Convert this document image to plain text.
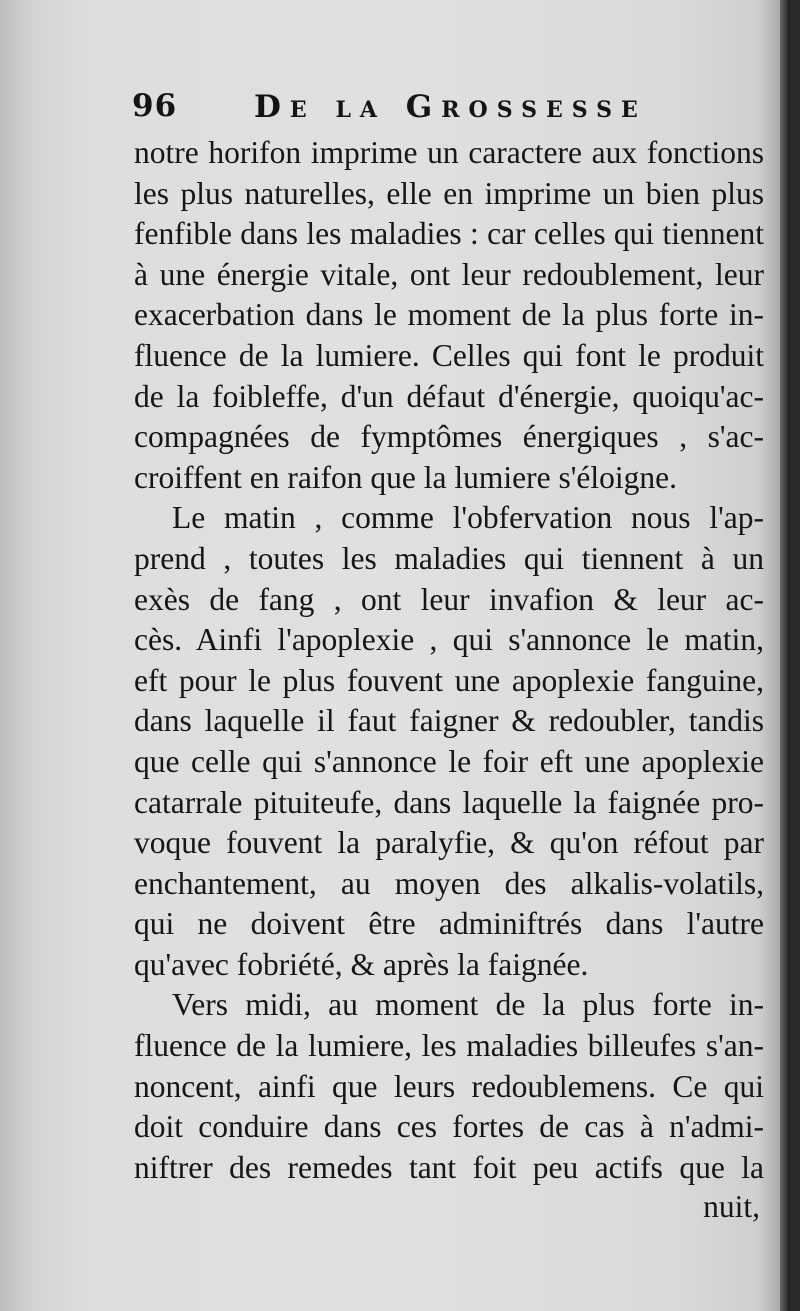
96 De la Grossesse
notre horifon imprime un caractere aux fonctions
les plus naturelles, elle en imprime un bien plus
fenfible dans les maladies : car celles qui tiennent
à une énergie vitale, ont leur redoublement, leur
exacerbation dans le moment de la plus forte in-
fluence de la lumiere. Celles qui font le produit
de la foibleffe, d'un défaut d'énergie, quoiqu'ac-
compagnées de fymptômes énergiques , s'ac-
croiffent en raifon que la lumiere s'éloigne.
Le matin , comme l'obfervation nous l'ap-
prend , toutes les maladies qui tiennent à un
exès de fang , ont leur invafion & leur ac-
cès. Ainfi l'apoplexie , qui s'annonce le matin,
eft pour le plus fouvent une apoplexie fanguine,
dans laquelle il faut faigner & redoubler, tandis
que celle qui s'annonce le foir eft une apoplexie
catarrale pituiteufe, dans laquelle la faignée pro-
voque fouvent la paralyfie, & qu'on réfout par
enchantement, au moyen des alkalis-volatils,
qui ne doivent être adminiftrés dans l'autre
qu'avec fobriété, & après la faignée.
Vers midi, au moment de la plus forte in-
fluence de la lumiere, les maladies billeufes s'an-
noncent, ainfi que leurs redoublemens. Ce qui
doit conduire dans ces fortes de cas à n'admi-
niftrer des remedes tant foit peu actifs que la
nuit,
